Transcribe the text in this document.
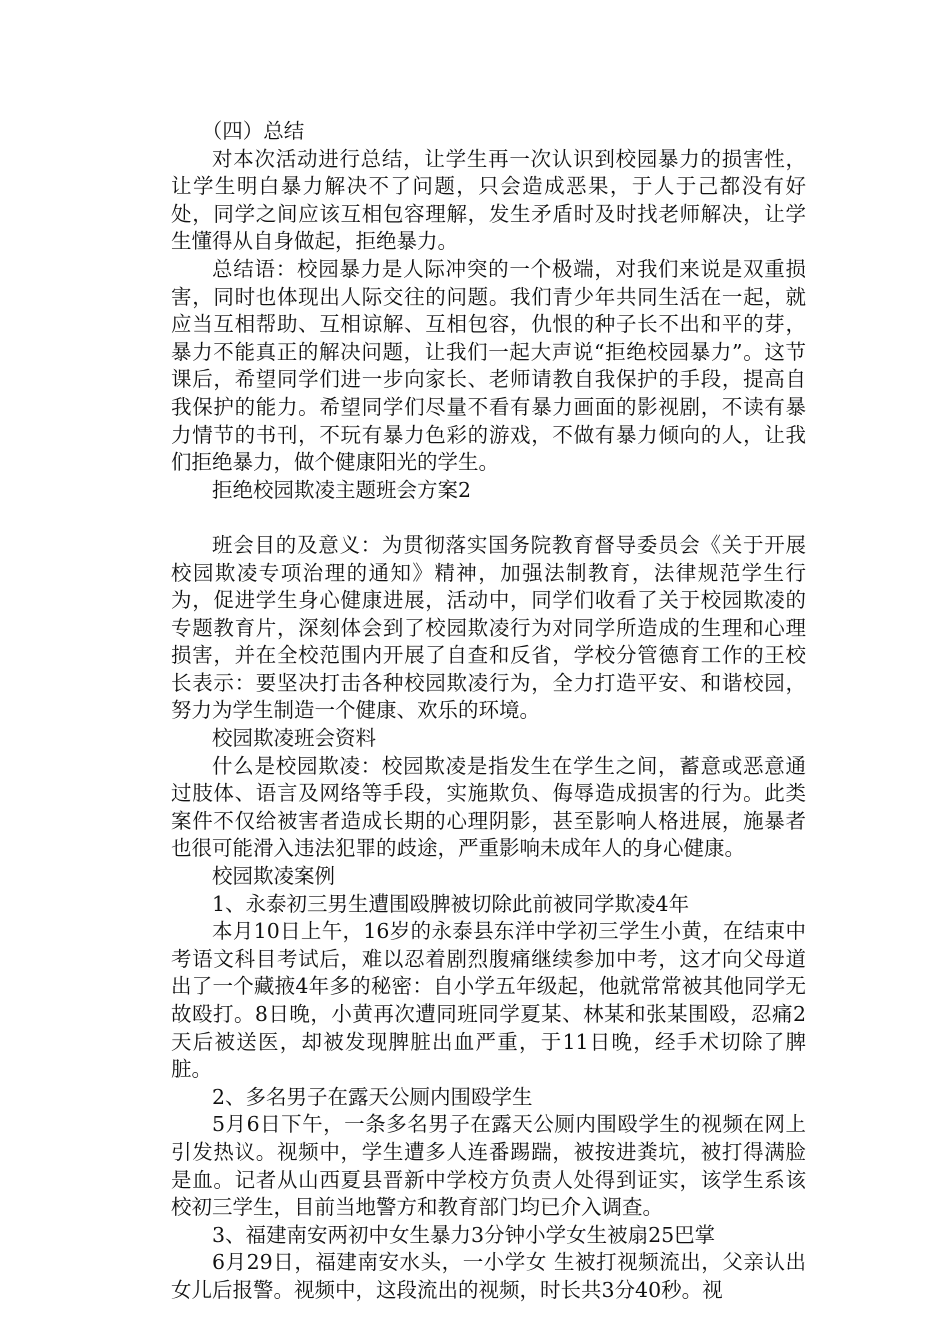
（四）总结

对本次活动进行总结，让学生再一次认识到校园暴力的损害性，让学生明白暴力解决不了问题，只会造成恶果，于人于己都没有好处，同学之间应该互相包容理解，发生矛盾时及时找老师解决，让学生懂得从自身做起，拒绝暴力。

总结语：校园暴力是人际冲突的一个极端，对我们来说是双重损害，同时也体现出人际交往的问题。我们青少年共同生活在一起，就应当互相帮助、互相谅解、互相包容，仇恨的种子长不出和平的芽，暴力不能真正的解决问题，让我们一起大声说“拒绝校园暴力”。这节课后，希望同学们进一步向家长、老师请教自我保护的手段，提高自我保护的能力。希望同学们尽量不看有暴力画面的影视剧，不读有暴力情节的书刊，不玩有暴力色彩的游戏，不做有暴力倾向的人，让我们拒绝暴力，做个健康阳光的学生。

拒绝校园欺凌主题班会方案2

班会目的及意义：为贯彻落实国务院教育督导委员会《关于开展校园欺凌专项治理的通知》精神，加强法制教育，法律规范学生行为，促进学生身心健康进展，活动中，同学们收看了关于校园欺凌的专题教育片，深刻体会到了校园欺凌行为对同学所造成的生理和心理损害，并在全校范围内开展了自查和反省，学校分管德育工作的王校长表示：要坚决打击各种校园欺凌行为，全力打造平安、和谐校园，努力为学生制造一个健康、欢乐的环境。

校园欺凌班会资料

什么是校园欺凌：校园欺凌是指发生在学生之间，蓄意或恶意通过肢体、语言及网络等手段，实施欺负、侮辱造成损害的行为。此类案件不仅给被害者造成长期的心理阴影，甚至影响人格进展，施暴者也很可能滑入违法犯罪的歧途，严重影响未成年人的身心健康。

校园欺凌案例

1、永泰初三男生遭围殴脾被切除此前被同学欺凌4年

本月10日上午，16岁的永泰县东洋中学初三学生小黄，在结束中考语文科目考试后，难以忍着剧烈腹痛继续参加中考，这才向父母道出了一个藏掖4年多的秘密：自小学五年级起，他就常常被其他同学无故殴打。8日晚，小黄再次遭同班同学夏某、林某和张某围殴，忍痛2天后被送医，却被发现脾脏出血严重，于11日晚，经手术切除了脾脏。

2、多名男子在露天公厕内围殴学生

5月6日下午，一条多名男子在露天公厕内围殴学生的视频在网上引发热议。视频中，学生遭多人连番踢踹，被按进粪坑，被打得满脸是血。记者从山西夏县晋新中学校方负责人处得到证实，该学生系该校初三学生，目前当地警方和教育部门均已介入调查。

3、福建南安两初中女生暴力3分钟小学女生被扇25巴掌

6月29日，福建南安水头，一小学女 生被打视频流出，父亲认出女儿后报警。视频中，这段流出的视频，时长共3分40秒。视
